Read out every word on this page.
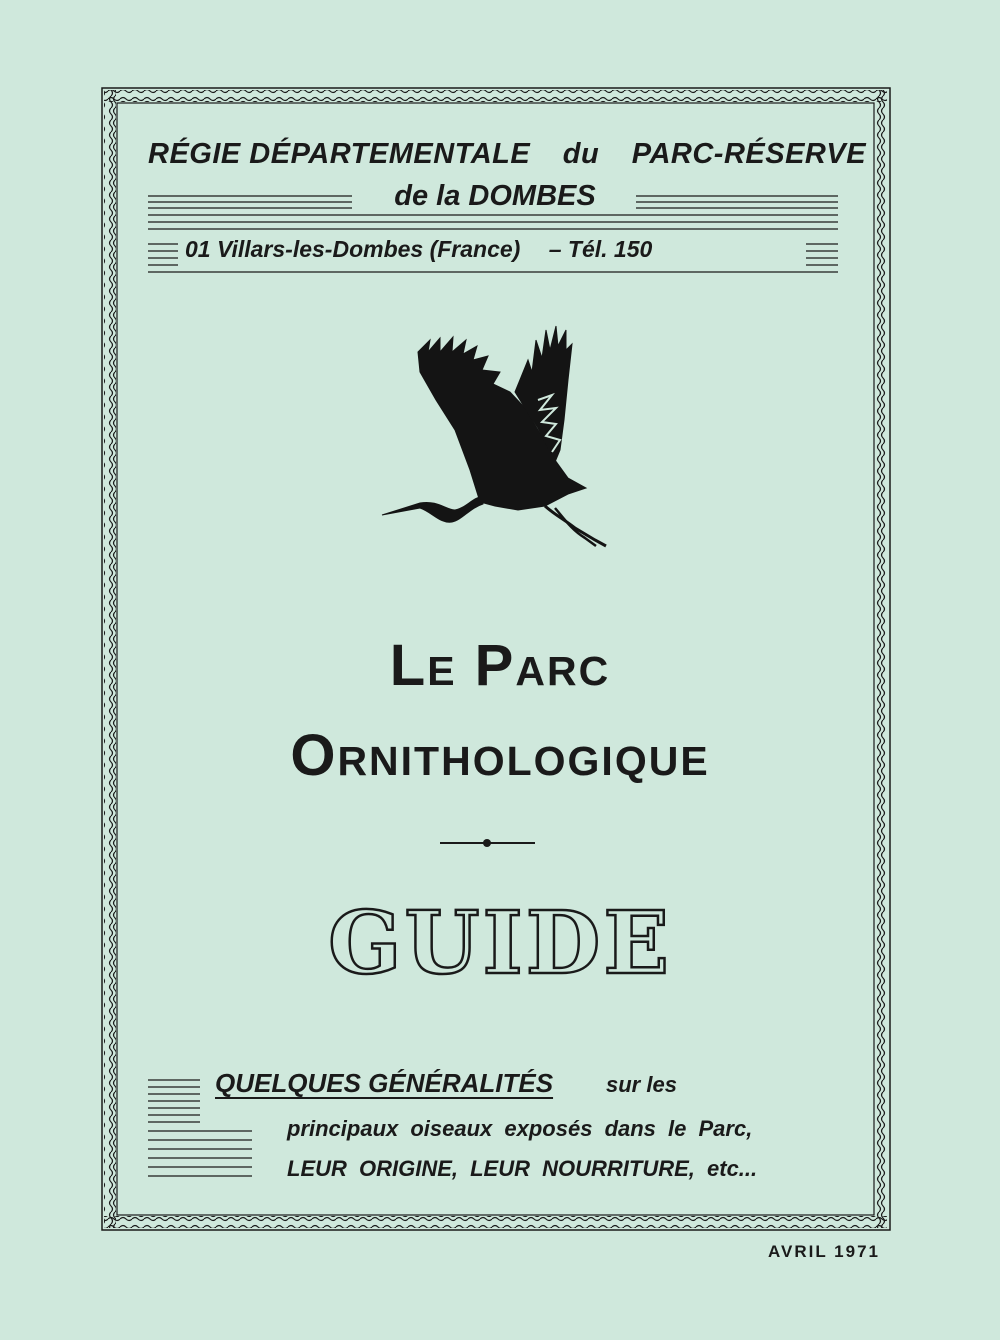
RÉGIE DÉPARTEMENTALE du PARC-RÉSERVE
de la DOMBES
01 Villars-les-Dombes (France) – Tél. 150
Le Parc
Ornithologique
GUIDE
QUELQUES GÉNÉRALITÉS sur les
principaux oiseaux exposés dans le Parc,
LEUR ORIGINE, LEUR NOURRITURE, etc...
AVRIL 1971
